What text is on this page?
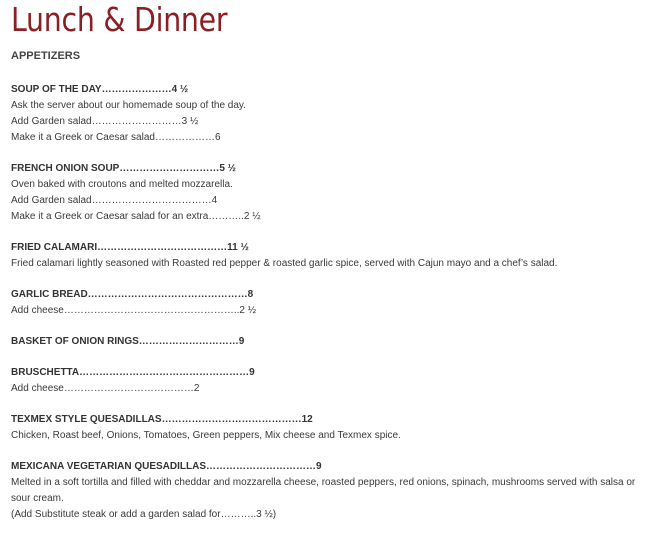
Lunch & Dinner
APPETIZERS
SOUP OF THE DAY…………………4 ½
Ask the server about our homemade soup of the day.
Add Garden salad………………………3 ½
Make it a Greek or Caesar salad………………6
FRENCH ONION SOUP…………………………5 ½
Oven baked with croutons and melted mozzarella.
Add Garden salad………………………………4
Make it a Greek or Caesar salad for an extra………..2 ½
FRIED CALAMARI…………………………………11 ½
Fried calamari lightly seasoned with Roasted red pepper & roasted garlic spice, served with Cajun mayo and a chef’s salad.
GARLIC BREAD…………………………………………8
Add cheese……………………………………………..2 ½
BASKET OF ONION RINGS…………………………9
BRUSCHETTA……………………………………………9
Add cheese…………………………………2
TEXMEX STYLE QUESADILLAS……………………………………12
Chicken, Roast beef, Onions, Tomatoes, Green peppers, Mix cheese and Texmex spice.
MEXICANA VEGETARIAN QUESADILLAS……………………………9
Melted in a soft tortilla and filled with cheddar and mozzarella cheese, roasted peppers, red onions, spinach, mushrooms served with salsa or sour cream.
(Add Substitute steak or add a garden salad for………..3 ½)
